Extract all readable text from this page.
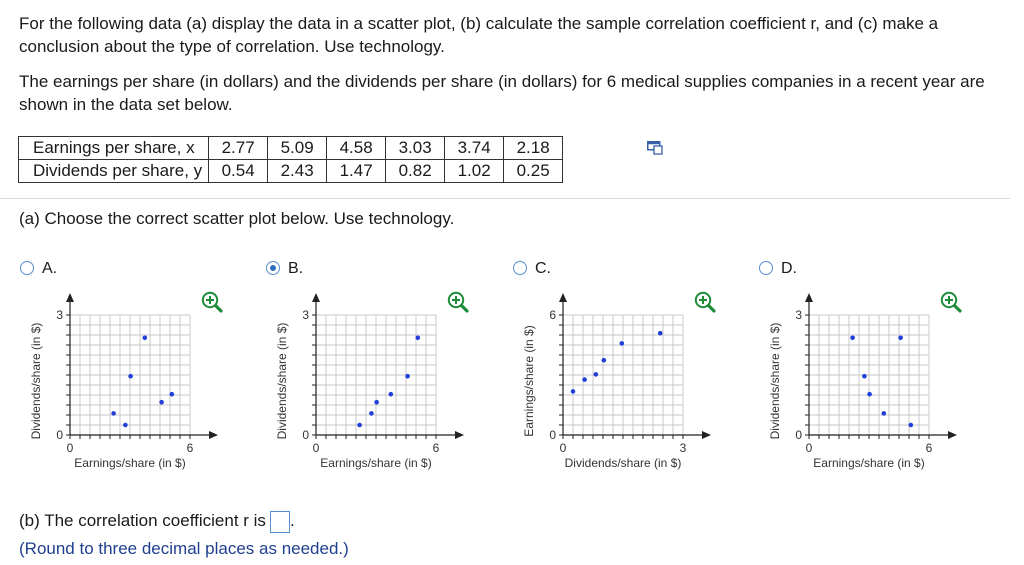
For the following data (a) display the data in a scatter plot, (b) calculate the sample correlation coefficient r, and (c) make a conclusion about the type of correlation. Use technology.

The earnings per share (in dollars) and the dividends per share (in dollars) for 6 medical supplies companies in a recent year are shown in the data set below.

Earnings per share, x	2.77	5.09	4.58	3.03	3.74	2.18
Dividends per share, y	0.54	2.43	1.47	0.82	1.02	0.25

(a) Choose the correct scatter plot below. Use technology.

A.	B.	C.	D.
3
0
0	6
Earnings/share (in $)
Dividends/share (in $)
3
0
0	6
Earnings/share (in $)
Dividends/share (in $)
6
0
0	3
Dividends/share (in $)
Earnings/share (in $)
3
0
0	6
Earnings/share (in $)
Dividends/share (in $)

(b) The correlation coefficient r is .

(Round to three decimal places as needed.)
